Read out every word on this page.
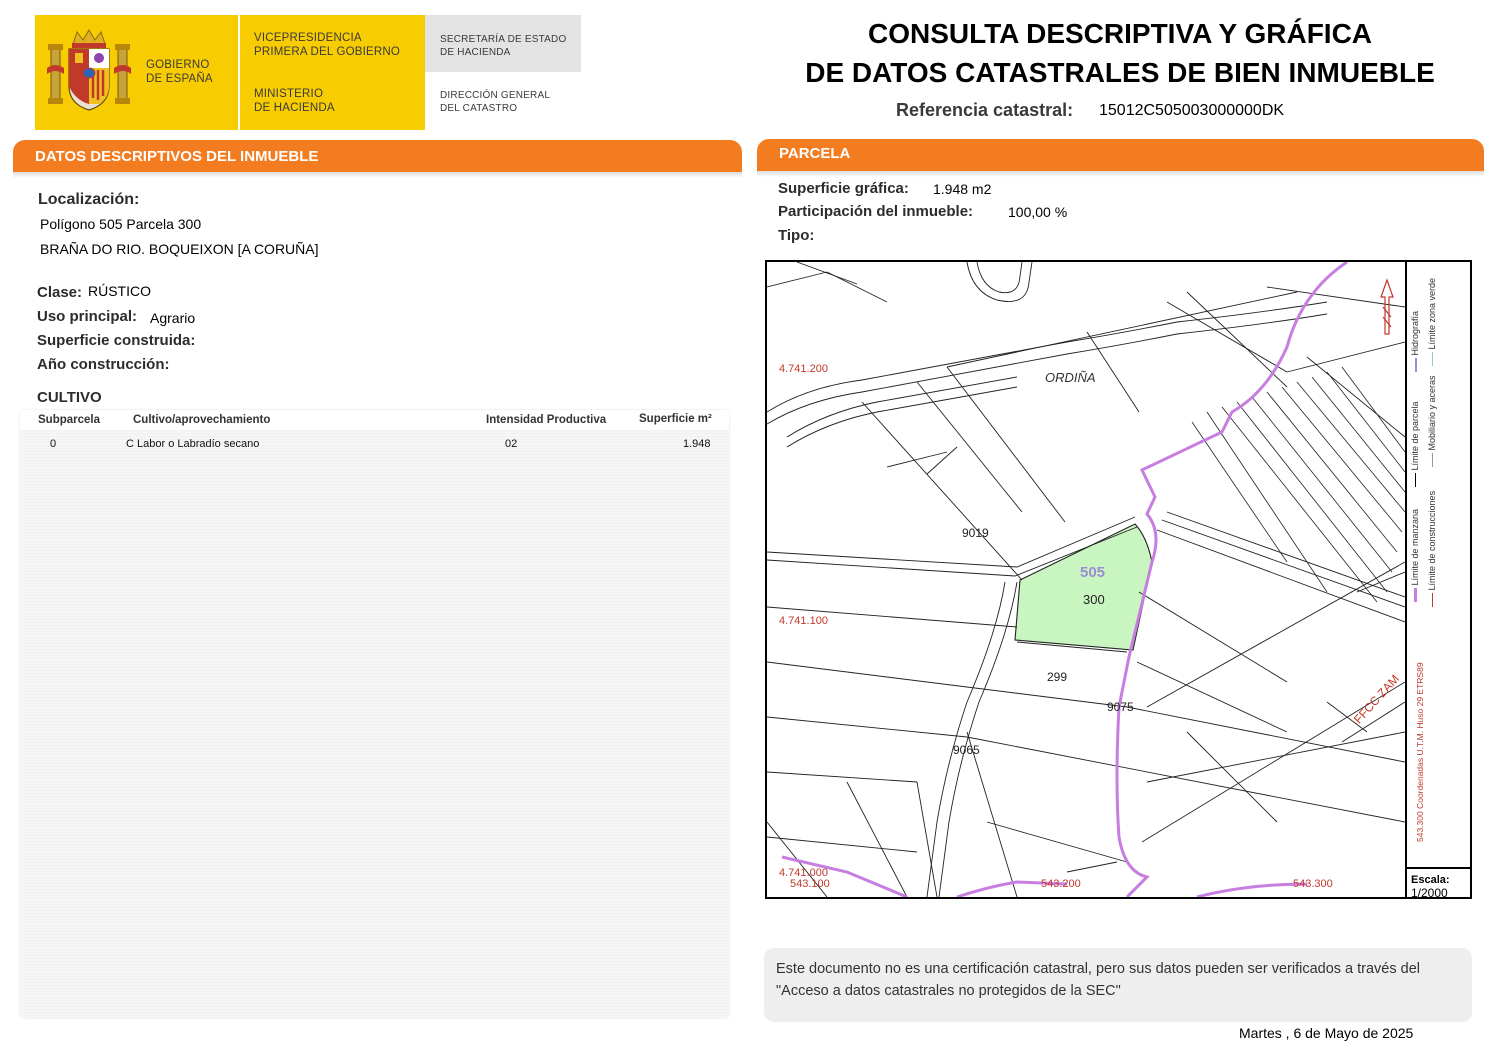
GOBIERNO
DE ESPAÑA
VICEPRESIDENCIA
PRIMERA DEL GOBIERNO
MINISTERIO
DE HACIENDA
SECRETARÍA DE ESTADO
DE HACIENDA
DIRECCIÓN GENERAL
DEL CATASTRO
CONSULTA DESCRIPTIVA Y GRÁFICA
DE DATOS CATASTRALES DE BIEN INMUEBLE
Referencia catastral: 15012C505003000000DK
DATOS DESCRIPTIVOS DEL INMUEBLE
Localización:
Polígono 505 Parcela 300
BRAÑA DO RIO. BOQUEIXON [A CORUÑA]
Clase: RÚSTICO
Uso principal: Agrario
Superficie construida:
Año construcción:
CULTIVO
Subparcela	Cultivo/aprovechamiento	Intensidad Productiva	Superficie m²
0	C Labor o Labradío secano	02	1.948
PARCELA
Superficie gráfica: 1.948 m2
Participación del inmueble: 100,00 %
Tipo:
ORDIÑA
505
300
9019
299
9075
9065
FFCC ZAM
4.741.200
4.741.100
4.741.000
543.100	543.200	543.300
Límite de manzana
Límite de parcela
Hidrografía
Límite de construcciones
Mobiliario y aceras
Límite zona verde
543.300 Coordenadas U.T.M. Huso 29 ETRS89
Escala:
1/2000
Este documento no es una certificación catastral, pero sus datos pueden ser verificados a través del "Acceso a datos catastrales no protegidos de la SEC"
Martes , 6 de Mayo de 2025
